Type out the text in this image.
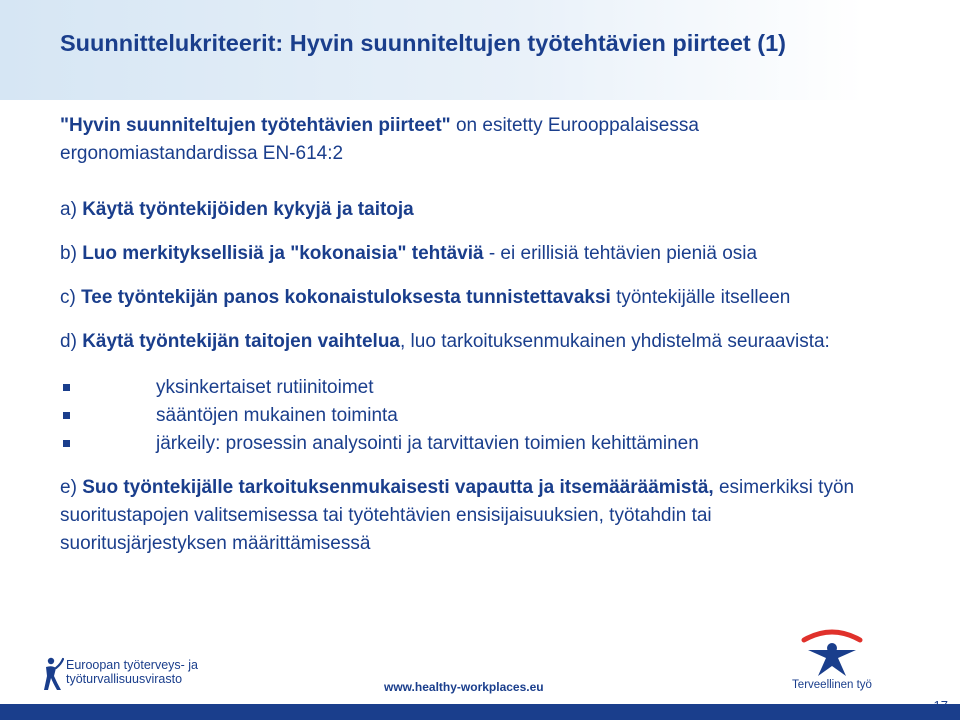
Suunnittelukriteerit: Hyvin suunniteltujen työtehtävien piirteet (1)

"Hyvin suunniteltujen työtehtävien piirteet" on esitetty Eurooppalaisessa ergonomiastandardissa EN-614:2

a) Käytä työntekijöiden kykyjä ja taitoja

b) Luo merkityksellisiä ja "kokonaisia" tehtäviä - ei erillisiä tehtävien pieniä osia

c) Tee työntekijän panos kokonaistuloksesta tunnistettavaksi työntekijälle itselleen

d) Käytä työntekijän taitojen vaihtelua, luo tarkoituksenmukainen yhdistelmä seuraavista:

yksinkertaiset rutiinitoimet
sääntöjen mukainen toiminta
järkeily: prosessin analysointi ja tarvittavien toimien kehittäminen

e) Suo työntekijälle tarkoituksenmukaisesti vapautta ja itsemääräämistä, esimerkiksi työn suoritustapojen valitsemisessa tai työtehtävien ensisijaisuuksien, työtahdin tai suoritusjärjestyksen määrittämisessä

Euroopan työterveys- ja
työturvallisuusvirasto
www.healthy-workplaces.eu	Terveellinen työ
17
